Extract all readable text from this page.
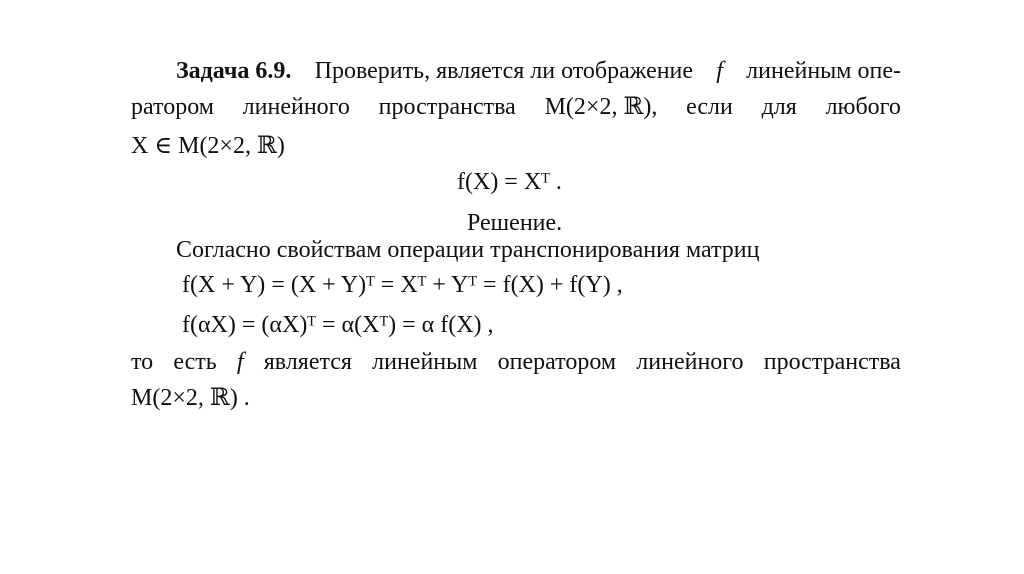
Задача 6.9. Проверить, является ли отображение f линейным опе-
ратором линейного пространства M(2×2, ℝ), если для любого
X ∈ M(2×2, ℝ)
f(X) = Xᵀ .
Решение.
Согласно свойствам операции транспонирования матриц
f(X + Y) = (X + Y)ᵀ = Xᵀ + Yᵀ = f(X) + f(Y) ,
f(αX) = (αX)ᵀ = α(Xᵀ) = α f(X) ,
то есть f является линейным оператором линейного пространства
M(2×2, ℝ) .
